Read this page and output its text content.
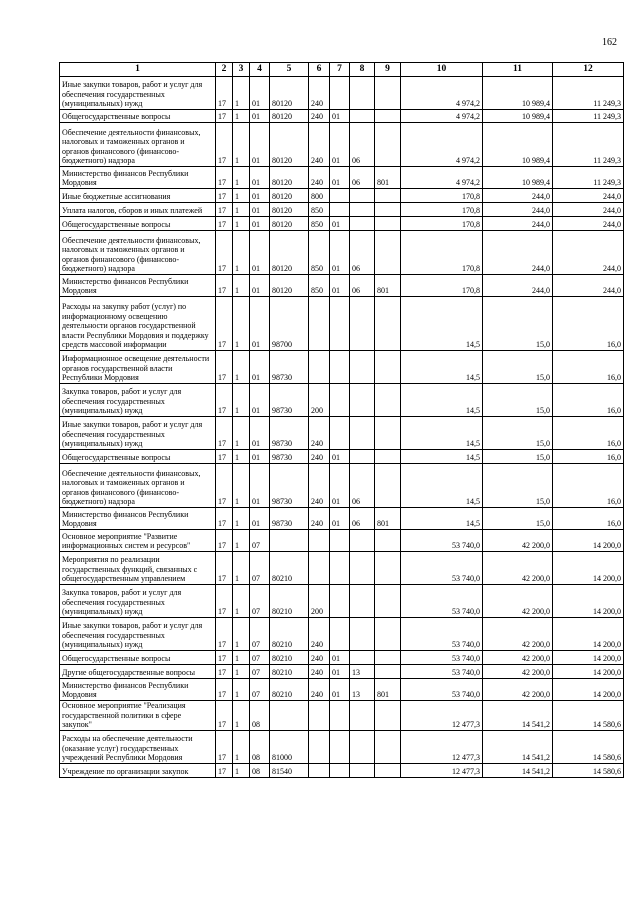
162
1	2	3	4	5	6	7	8	9	10	11	12
Иные закупки товаров, работ и услуг для обеспечения государственных (муниципальных) нужд	17	1	01	80120	240				4 974,2	10 989,4	11 249,3
Общегосударственные вопросы	17	1	01	80120	240	01			4 974,2	10 989,4	11 249,3
Обеспечение деятельности финансовых, налоговых и таможенных органов и органов финансового (финансово-бюджетного) надзора	17	1	01	80120	240	01	06		4 974,2	10 989,4	11 249,3
Министерство финансов Республики Мордовия	17	1	01	80120	240	01	06	801	4 974,2	10 989,4	11 249,3
Иные бюджетные ассигнования	17	1	01	80120	800				170,8	244,0	244,0
Уплата налогов, сборов и иных платежей	17	1	01	80120	850				170,8	244,0	244,0
Общегосударственные вопросы	17	1	01	80120	850	01			170,8	244,0	244,0
Обеспечение деятельности финансовых, налоговых и таможенных органов и органов финансового (финансово-бюджетного) надзора	17	1	01	80120	850	01	06		170,8	244,0	244,0
Министерство финансов Республики Мордовия	17	1	01	80120	850	01	06	801	170,8	244,0	244,0
Расходы на закупку работ (услуг) по информационному освещению деятельности органов государственной власти Республики Мордовия и поддержку средств массовой информации	17	1	01	98700					14,5	15,0	16,0
Информационное освещение деятельности органов государственной власти Республики Мордовия	17	1	01	98730					14,5	15,0	16,0
Закупка товаров, работ и услуг для обеспечения государственных (муниципальных) нужд	17	1	01	98730	200				14,5	15,0	16,0
Иные закупки товаров, работ и услуг для обеспечения государственных (муниципальных) нужд	17	1	01	98730	240				14,5	15,0	16,0
Общегосударственные вопросы	17	1	01	98730	240	01			14,5	15,0	16,0
Обеспечение деятельности финансовых, налоговых и таможенных органов и органов финансового (финансово-бюджетного) надзора	17	1	01	98730	240	01	06		14,5	15,0	16,0
Министерство финансов Республики Мордовия	17	1	01	98730	240	01	06	801	14,5	15,0	16,0
Основное мероприятие "Развитие информационных систем и ресурсов"	17	1	07						53 740,0	42 200,0	14 200,0
Мероприятия по реализации государственных функций, связанных с общегосударственным управлением	17	1	07	80210					53 740,0	42 200,0	14 200,0
Закупка товаров, работ и услуг для обеспечения государственных (муниципальных) нужд	17	1	07	80210	200				53 740,0	42 200,0	14 200,0
Иные закупки товаров, работ и услуг для обеспечения государственных (муниципальных) нужд	17	1	07	80210	240				53 740,0	42 200,0	14 200,0
Общегосударственные вопросы	17	1	07	80210	240	01			53 740,0	42 200,0	14 200,0
Другие общегосударственные вопросы	17	1	07	80210	240	01	13		53 740,0	42 200,0	14 200,0
Министерство финансов Республики Мордовия	17	1	07	80210	240	01	13	801	53 740,0	42 200,0	14 200,0
Основное мероприятие "Реализация государственной политики в сфере закупок"	17	1	08						12 477,3	14 541,2	14 580,6
Расходы на обеспечение деятельности (оказание услуг) государственных учреждений Республики Мордовия	17	1	08	81000					12 477,3	14 541,2	14 580,6
Учреждение по организации закупок	17	1	08	81540					12 477,3	14 541,2	14 580,6
